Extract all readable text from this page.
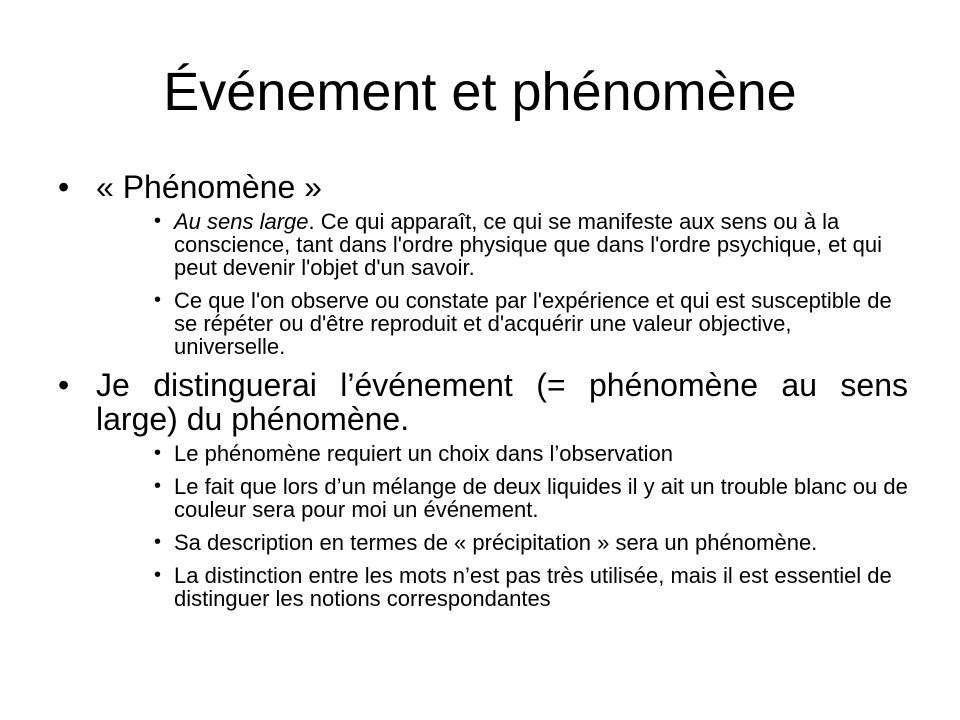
Événement et phénomène
• « Phénomène »
• Au sens large. Ce qui apparaît, ce qui se manifeste aux sens ou à la conscience, tant dans l'ordre physique que dans l'ordre psychique, et qui peut devenir l'objet d'un savoir.
• Ce que l'on observe ou constate par l'expérience et qui est susceptible de se répéter ou d'être reproduit et d'acquérir une valeur objective, universelle.
• Je distinguerai l’événement (= phénomène au sens large) du phénomène.
• Le phénomène requiert un choix dans l’observation
• Le fait que lors d’un mélange de deux liquides il y ait un trouble blanc ou de couleur sera pour moi un événement.
• Sa description en termes de « précipitation » sera un phénomène.
• La distinction entre les mots n’est pas très utilisée, mais il est essentiel de distinguer les notions correspondantes
